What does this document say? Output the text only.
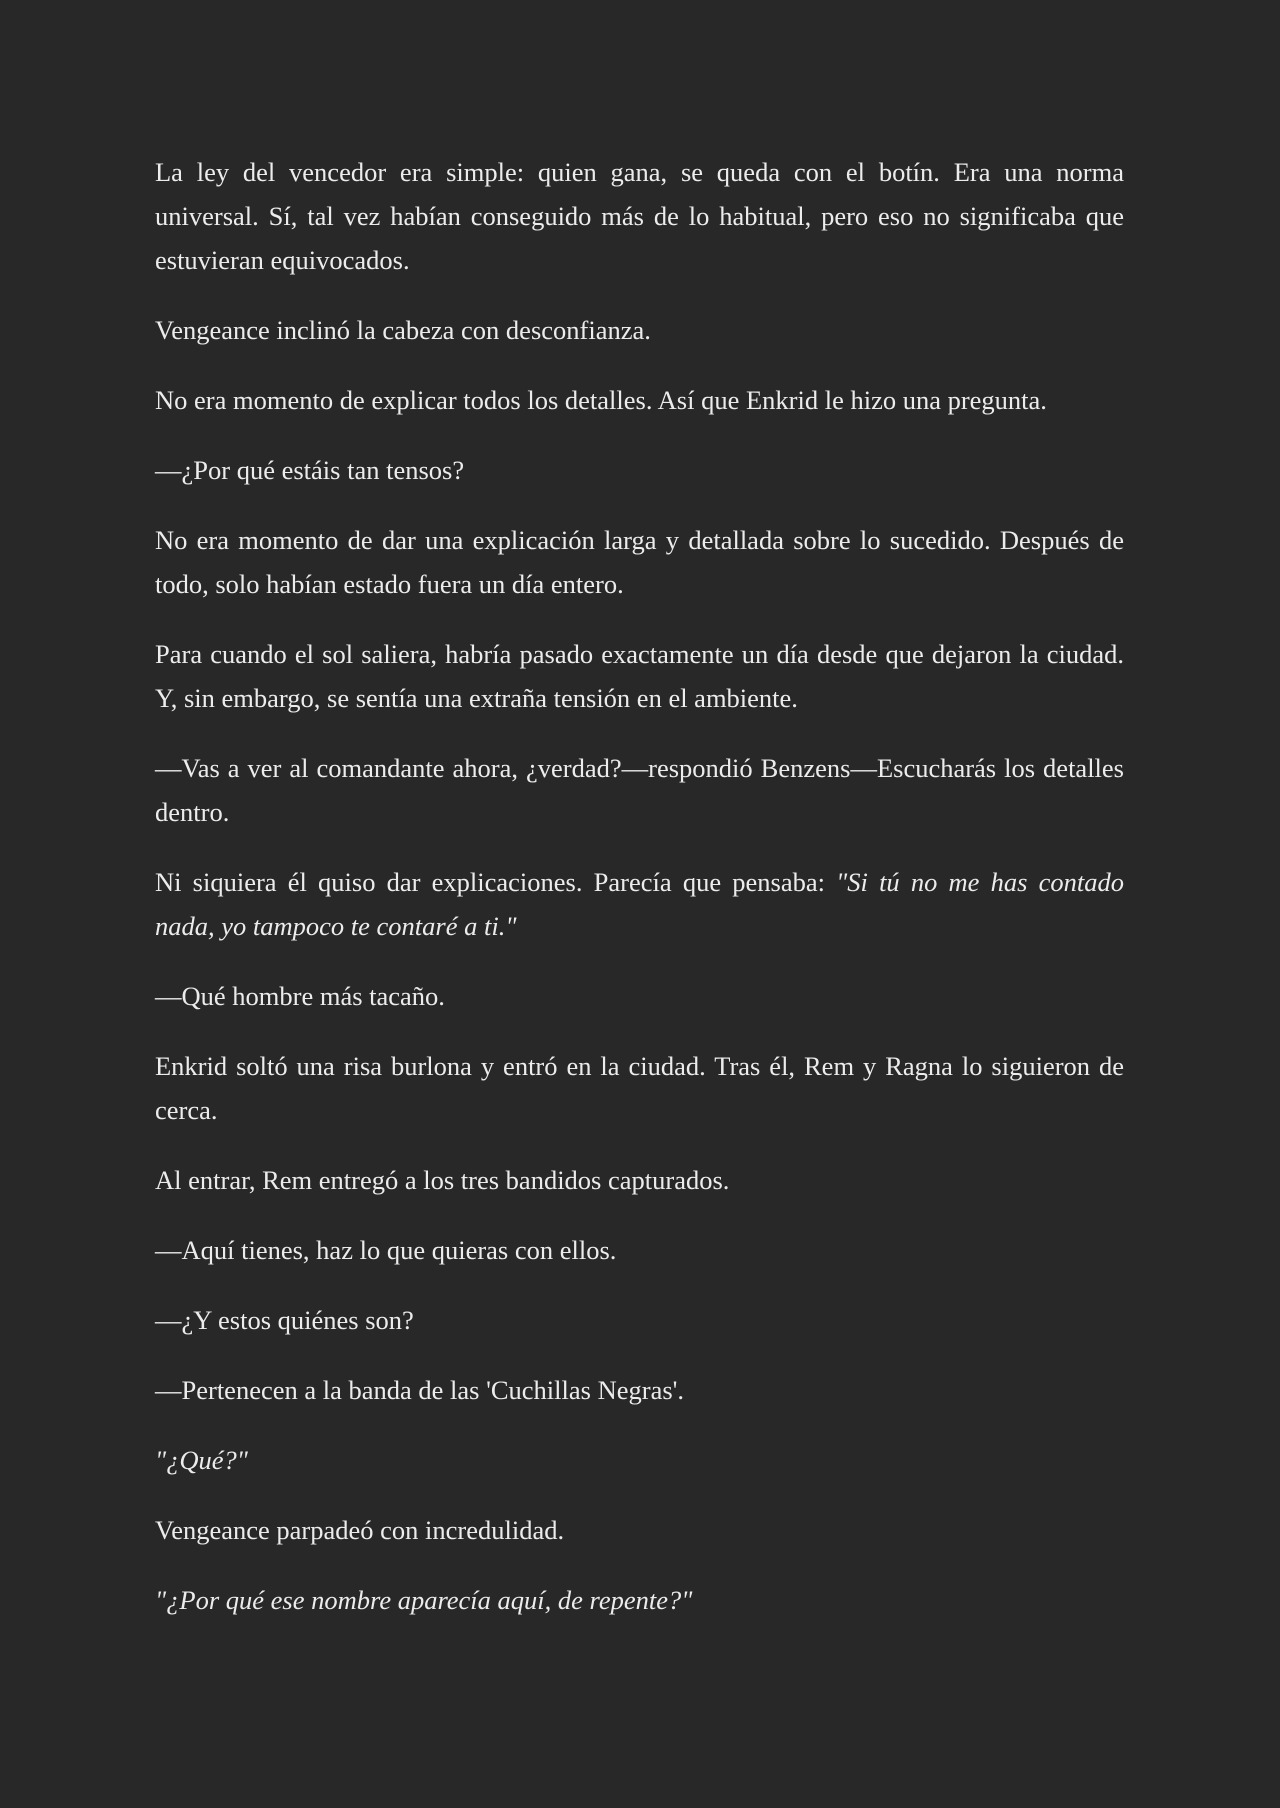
La ley del vencedor era simple: quien gana, se queda con el botín. Era una norma universal. Sí, tal vez habían conseguido más de lo habitual, pero eso no significaba que estuvieran equivocados.

Vengeance inclinó la cabeza con desconfianza.

No era momento de explicar todos los detalles. Así que Enkrid le hizo una pregunta.

—¿Por qué estáis tan tensos?

No era momento de dar una explicación larga y detallada sobre lo sucedido. Después de todo, solo habían estado fuera un día entero.

Para cuando el sol saliera, habría pasado exactamente un día desde que dejaron la ciudad. Y, sin embargo, se sentía una extraña tensión en el ambiente.

—Vas a ver al comandante ahora, ¿verdad?—respondió Benzens—Escucharás los detalles dentro.

Ni siquiera él quiso dar explicaciones. Parecía que pensaba: "Si tú no me has contado nada, yo tampoco te contaré a ti."

—Qué hombre más tacaño.

Enkrid soltó una risa burlona y entró en la ciudad. Tras él, Rem y Ragna lo siguieron de cerca.

Al entrar, Rem entregó a los tres bandidos capturados.

—Aquí tienes, haz lo que quieras con ellos.

—¿Y estos quiénes son?

—Pertenecen a la banda de las 'Cuchillas Negras'.

"¿Qué?"

Vengeance parpadeó con incredulidad.

"¿Por qué ese nombre aparecía aquí, de repente?"
